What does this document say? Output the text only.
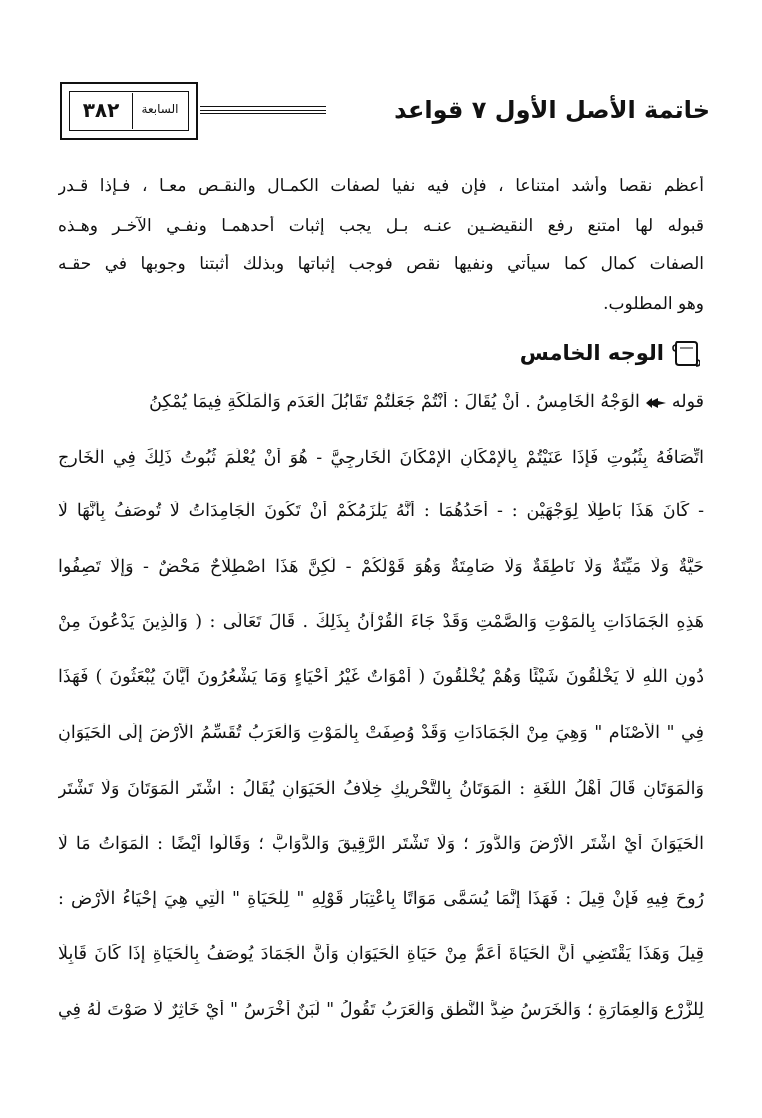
خاتمة الأصل الأول ٧ قواعد
٣٨٢	السابعة
أعظم نقصا وأشد امتناعا ، فإن فيه نفيا لصفات الكمـال والنقـص معـا ، فـإذا قـدر
قبوله لها امتنع رفع النقيضـين عنـه بـل يجب إثبات أحدهمـا ونفـي الآخـر وهـذه
الصفات كمال كما سيأتي ونفيها نقص فوجب إثباتها وبذلك أثبتنا وجوبها في حقـه
وهو المطلوب.
الوجه الخامس
قولهالْوَجْهُ الْخَامِسُ . أَنْ يُقَالَ : أَنْتُمْ جَعَلْتُمْ تَقَابُلَ الْعَدَمِ وَالْمَلَكَةِ فِيمَا يُمْكِنُ
اتِّصَافُهُ بِثُبُوتِ فَإِذَا عَنَيْتُمْ بِالْإِمْكَانِ الْإِمْكَانَ الْخَارِجِيَّ - هُوَ أَنْ يُعْلَمَ ثُبُوتُ ذَلِكَ فِي الْخَارِجِ
- كَانَ هَذَا بَاطِلًا لِوَجْهَيْنِ : - أَحَدُهُمَا : أَنَّهُ يَلْزَمُكُمْ أَنْ تَكُونَ الْجَامِدَاتُ لَا تُوصَفُ بِأَنَّهَا لَا
حَيَّةٌ وَلَا مَيِّتَةٌ وَلَا نَاطِقَةٌ وَلَا صَامِتَةٌ وَهُوَ قَوْلُكُمْ - لَكِنَّ هَذَا اصْطِلَاحٌ مَحْضٌ - وَإِلَّا تَصِفُوا
هَذِهِ الْجَمَادَاتِ بِالْمَوْتِ وَالصَّمْتِ وَقَدْ جَاءَ الْقُرْآنُ بِذَلِكَ . قَالَ تَعَالَى : ( وَالَّذِينَ يَدْعُونَ مِنْ
دُونِ اللَّهِ لَا يَخْلُقُونَ شَيْئًا وَهُمْ يُخْلَقُونَ ( أَمْوَاتٌ غَيْرُ أَحْيَاءٍ وَمَا يَشْعُرُونَ أَيَّانَ يُبْعَثُونَ ) فَهَذَا
فِي " الْأَصْنَامِ " وَهِيَ مِنْ الْجَمَادَاتِ وَقَدْ وُصِفَتْ بِالْمَوْتِ وَالْعَرَبُ تُقَسِّمُ الْأَرْضَ إلَى الْحَيَوَانِ
وَالْمَوَتَانِ قَالَ أَهْلُ اللُّغَةِ : الْمَوَتَانُ بِالتَّحْرِيكِ خِلَافُ الْحَيَوَانِ يُقَالُ : اشْتَرِ الْمَوَتَانَ وَلَا تَشْتَرِ
الْحَيَوَانَ أَيْ اشْتَرِ الْأَرْضَ وَالدُّورَ ؛ وَلَا تَشْتَرِ الرَّقِيقَ وَالدَّوَابَّ ؛ وَقَالُوا أَيْضًا : الْمَوَاتُ مَا لَا
رُوحَ فِيهِ فَإِنْ قِيلَ : فَهَذَا إنَّمَا يُسَمَّى مَوَاتًا بِاعْتِبَارِ قَوْلِهِ " لِلْحَيَاةِ " الَّتِي هِيَ إحْيَاءُ الْأَرْضِ :
قِيلَ وَهَذَا يَقْتَضِي أَنَّ الْحَيَاةَ أَعَمُّ مِنْ حَيَاةِ الْحَيَوَانِ وَأَنَّ الْجَمَادَ يُوصَفُ بِالْحَيَاةِ إذَا كَانَ قَابِلًا
لِلزَّرْعِ وَالْعِمَارَةِ ؛ وَالْخَرَسُ ضِدُّ النُّطْقِ وَالْعَرَبُ تَقُولُ " لَبَنٌ أَخْرَسُ " أَيْ خَاثِرٌ لَا صَوْتَ لَهُ فِي
